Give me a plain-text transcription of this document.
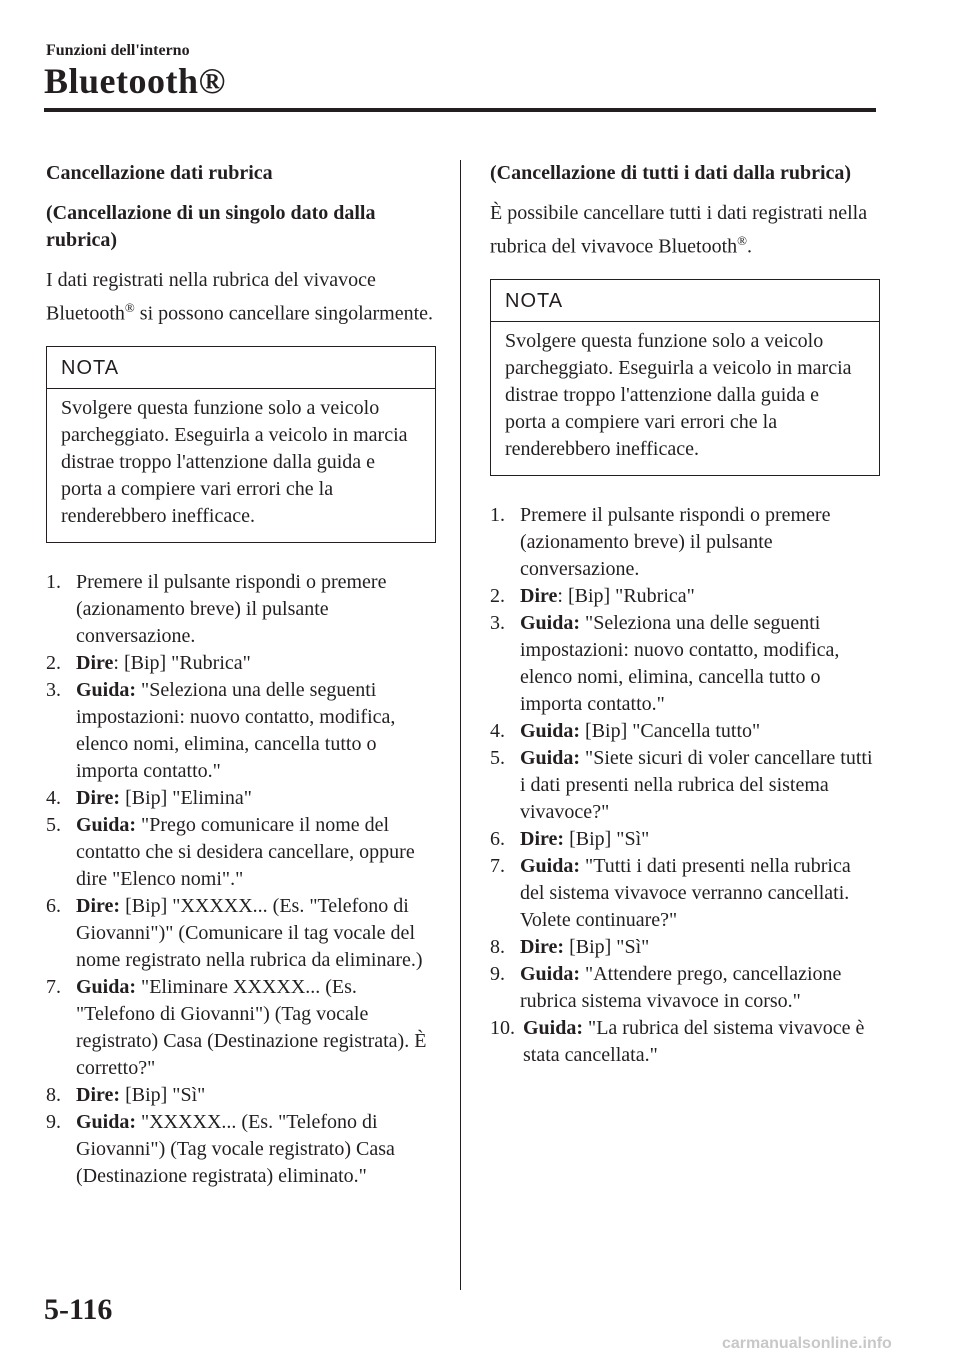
Funzioni dell'interno
Bluetooth®

Cancellazione dati rubrica

(Cancellazione di un singolo dato dalla rubrica)

I dati registrati nella rubrica del vivavoce Bluetooth® si possono cancellare singolarmente.

NOTA
Svolgere questa funzione solo a veicolo parcheggiato. Eseguirla a veicolo in marcia distrae troppo l'attenzione dalla guida e porta a compiere vari errori che la renderebbero inefficace.
1. Premere il pulsante rispondi o premere (azionamento breve) il pulsante conversazione.
2. Dire: [Bip] "Rubrica"
3. Guida: "Seleziona una delle seguenti impostazioni: nuovo contatto, modifica, elenco nomi, elimina, cancella tutto o importa contatto."
4. Dire: [Bip] "Elimina"
5. Guida: "Prego comunicare il nome del contatto che si desidera cancellare, oppure dire "Elenco nomi"."
6. Dire: [Bip] "XXXXX... (Es. "Telefono di Giovanni")" (Comunicare il tag vocale del nome registrato nella rubrica da eliminare.)
7. Guida: "Eliminare XXXXX... (Es. "Telefono di Giovanni") (Tag vocale registrato) Casa (Destinazione registrata). È corretto?"
8. Dire: [Bip] "Sì"
9. Guida: "XXXXX... (Es. "Telefono di Giovanni") (Tag vocale registrato) Casa (Destinazione registrata) eliminato."

(Cancellazione di tutti i dati dalla rubrica)

È possibile cancellare tutti i dati registrati nella rubrica del vivavoce Bluetooth®.

NOTA
Svolgere questa funzione solo a veicolo parcheggiato. Eseguirla a veicolo in marcia distrae troppo l'attenzione dalla guida e porta a compiere vari errori che la renderebbero inefficace.
1. Premere il pulsante rispondi o premere (azionamento breve) il pulsante conversazione.
2. Dire: [Bip] "Rubrica"
3. Guida: "Seleziona una delle seguenti impostazioni: nuovo contatto, modifica, elenco nomi, elimina, cancella tutto o importa contatto."
4. Guida: [Bip] "Cancella tutto"
5. Guida: "Siete sicuri di voler cancellare tutti i dati presenti nella rubrica del sistema vivavoce?"
6. Dire: [Bip] "Sì"
7. Guida: "Tutti i dati presenti nella rubrica del sistema vivavoce verranno cancellati. Volete continuare?"
8. Dire: [Bip] "Sì"
9. Guida: "Attendere prego, cancellazione rubrica sistema vivavoce in corso."
10. Guida: "La rubrica del sistema vivavoce è stata cancellata."
5-116
carmanualsonline.info
